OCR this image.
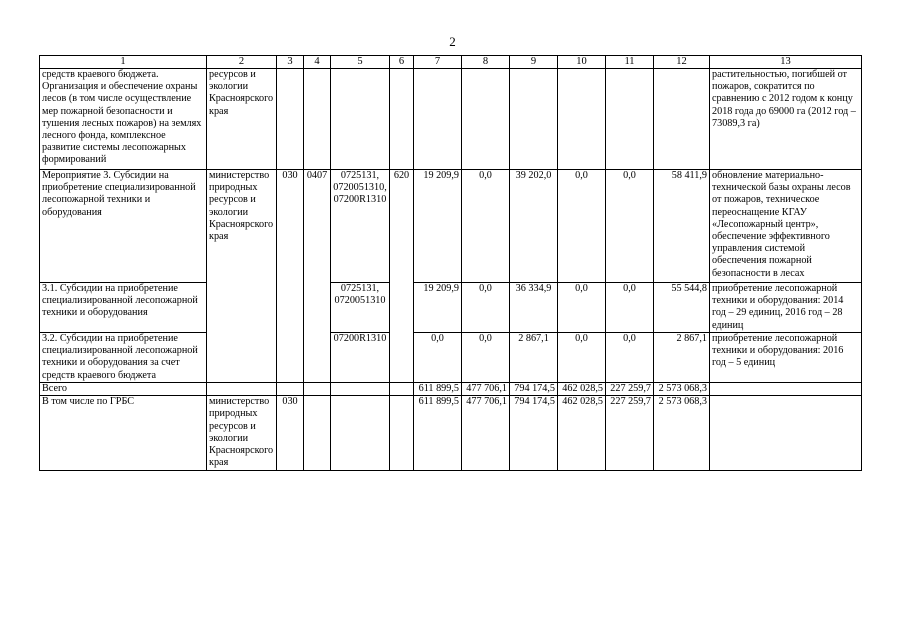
2
1	2	3	4	5	6	7	8	9	10	11	12	13
средств краевого бюджета. Организация и обеспечение охраны лесов (в том числе осуществление мер пожарной безопасности и тушения лесных пожаров) на землях лесного фонда, комплексное развитие системы лесопожарных формирований	ресурсов и экологии Красноярского края											растительностью, погибшей от пожаров, сократится по сравнению с 2012 годом к концу 2018 года до 69000 га (2012 год – 73089,3 га)
Мероприятие 3. Субсидии на приобретение специализированной лесопожарной техники и оборудования	министерство природных ресурсов и экологии Красноярского края	030	0407	0725131, 0720051310, 07200R1310	620	19 209,9	0,0	39 202,0	0,0	0,0	58 411,9	обновление материально-технической базы охраны лесов от пожаров, техническое переоснащение КГАУ «Лесопожарный центр», обеспечение эффективного управления системой обеспечения пожарной безопасности в лесах
3.1. Субсидии на приобретение специализированной лесопожарной техники и оборудования				0725131, 0720051310		19 209,9	0,0	36 334,9	0,0	0,0	55 544,8	приобретение лесопожарной техники и оборудования: 2014 год – 29 единиц, 2016 год – 28 единиц
3.2. Субсидии на приобретение специализированной лесопожарной техники и оборудования за счет средств краевого бюджета				07200R1310		0,0	0,0	2 867,1	0,0	0,0	2 867,1	приобретение лесопожарной техники и оборудования: 2016 год – 5 единиц
Всего						611 899,5	477 706,1	794 174,5	462 028,5	227 259,7	2 573 068,3	
В том числе по ГРБС	министерство природных ресурсов и экологии Красноярского края	030				611 899,5	477 706,1	794 174,5	462 028,5	227 259,7	2 573 068,3	
